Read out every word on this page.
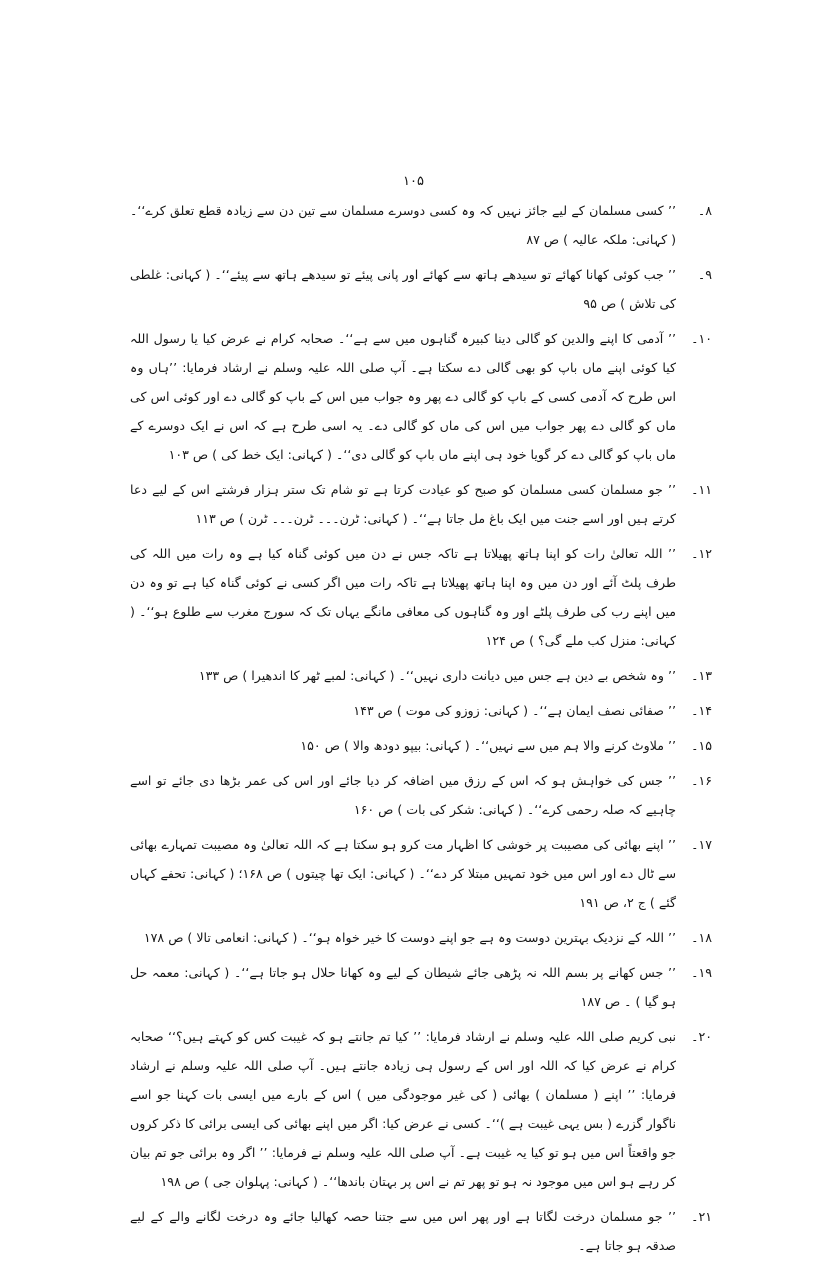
۱۰۵
۸۔
’’ کسی مسلمان کے لیے جائز نہیں کہ وہ کسی دوسرے مسلمان سے تین دن سے زیادہ قطع تعلق کرے‘‘۔ ( کہانی: ملکہ عالیہ ) ص ۸۷
۹۔
’’ جب کوئی کھانا کھائے تو سیدھے ہاتھ سے کھائے اور پانی پیئے تو سیدھے ہاتھ سے پیئے‘‘۔ ( کہانی: غلطی کی تلاش ) ص ۹۵
۱۰۔
’’ آدمی کا اپنے والدین کو گالی دینا کبیرہ گناہوں میں سے ہے‘‘۔ صحابہ کرام نے عرض کیا یا رسول اللہ کیا کوئی اپنے ماں باپ کو بھی گالی دے سکتا ہے۔ آپ صلی اللہ علیہ وسلم نے ارشاد فرمایا: ’’ہاں وہ اس طرح کہ آدمی کسی کے باپ کو گالی دے پھر وہ جواب میں اس کے باپ کو گالی دے اور کوئی اس کی ماں کو گالی دے پھر جواب میں اس کی ماں کو گالی دے۔ یہ اسی طرح ہے کہ اس نے ایک دوسرے کے ماں باپ کو گالی دے کر گویا خود ہی اپنے ماں باپ کو گالی دی‘‘۔ ( کہانی: ایک خط کی ) ص ۱۰۳
۱۱۔
’’ جو مسلمان کسی مسلمان کو صبح کو عیادت کرتا ہے تو شام تک ستر ہزار فرشتے اس کے لیے دعا کرتے ہیں اور اسے جنت میں ایک باغ مل جاتا ہے‘‘۔ ( کہانی: ٹرن۔۔۔ ٹرن۔۔۔ ٹرن ) ص ۱۱۳
۱۲۔
’’ اللہ تعالیٰ رات کو اپنا ہاتھ پھیلاتا ہے تاکہ جس نے دن میں کوئی گناہ کیا ہے وہ رات میں اللہ کی طرف پلٹ آئے اور دن میں وہ اپنا ہاتھ پھیلاتا ہے تاکہ رات میں اگر کسی نے کوئی گناہ کیا ہے تو وہ دن میں اپنے رب کی طرف پلٹے اور وہ گناہوں کی معافی مانگے یہاں تک کہ سورج مغرب سے طلوع ہو‘‘۔ ( کہانی: منزل کب ملے گی؟ ) ص ۱۲۴
۱۳۔
’’ وہ شخص بے دین ہے جس میں دیانت داری نہیں‘‘۔ ( کہانی: لمبے ٹھر کا اندھیرا ) ص ۱۳۳
۱۴۔
’’ صفائی نصف ایمان ہے‘‘۔ ( کہانی: زوزو کی موت ) ص ۱۴۳
۱۵۔
’’ ملاوٹ کرنے والا ہم میں سے نہیں‘‘۔ ( کہانی: بیپو دودھ والا ) ص ۱۵۰
۱۶۔
’’ جس کی خواہش ہو کہ اس کے رزق میں اضافہ کر دیا جائے اور اس کی عمر بڑھا دی جائے تو اسے چاہیے کہ صلہ رحمی کرے‘‘۔ ( کہانی: شکر کی بات ) ص ۱۶۰
۱۷۔
’’ اپنے بھائی کی مصیبت پر خوشی کا اظہار مت کرو ہو سکتا ہے کہ اللہ تعالیٰ وہ مصیبت تمہارے بھائی سے ٹال دے اور اس میں خود تمہیں مبتلا کر دے‘‘۔ ( کہانی: ایک تھا چیتوں ) ص ۱۶۸؛ ( کہانی: تحفے کہاں گئے ) ج ۲، ص ۱۹۱
۱۸۔
’’ اللہ کے نزدیک بہترین دوست وہ ہے جو اپنے دوست کا خیر خواہ ہو‘‘۔ ( کہانی: انعامی تالا ) ص ۱۷۸
۱۹۔
’’ جس کھانے پر بسم اللہ نہ پڑھی جائے شیطان کے لیے وہ کھانا حلال ہو جاتا ہے‘‘۔ ( کہانی: معمہ حل ہو گیا ) ۔ ص ۱۸۷
۲۰۔
نبی کریم صلی اللہ علیہ وسلم نے ارشاد فرمایا: ’’ کیا تم جانتے ہو کہ غیبت کس کو کہتے ہیں؟‘‘ صحابہ کرام نے عرض کیا کہ اللہ اور اس کے رسول ہی زیادہ جانتے ہیں۔ آپ صلی اللہ علیہ وسلم نے ارشاد فرمایا: ’’ اپنے ( مسلمان ) بھائی ( کی غیر موجودگی میں ) اس کے بارے میں ایسی بات کہنا جو اسے ناگوار گزرے ( بس یہی غیبت ہے )‘‘۔ کسی نے عرض کیا: اگر میں اپنے بھائی کی ایسی برائی کا ذکر کروں جو واقعتاً اس میں ہو تو کیا یہ غیبت ہے۔ آپ صلی اللہ علیہ وسلم نے فرمایا: ’’ اگر وہ برائی جو تم بیان کر رہے ہو اس میں موجود نہ ہو تو پھر تم نے اس پر بہتان باندھا‘‘۔ ( کہانی: پہلوان جی ) ص ۱۹۸
۲۱۔
’’ جو مسلمان درخت لگاتا ہے اور پھر اس میں سے جتنا حصہ کھالیا جائے وہ درخت لگانے والے کے لیے صدقہ ہو جاتا ہے۔
